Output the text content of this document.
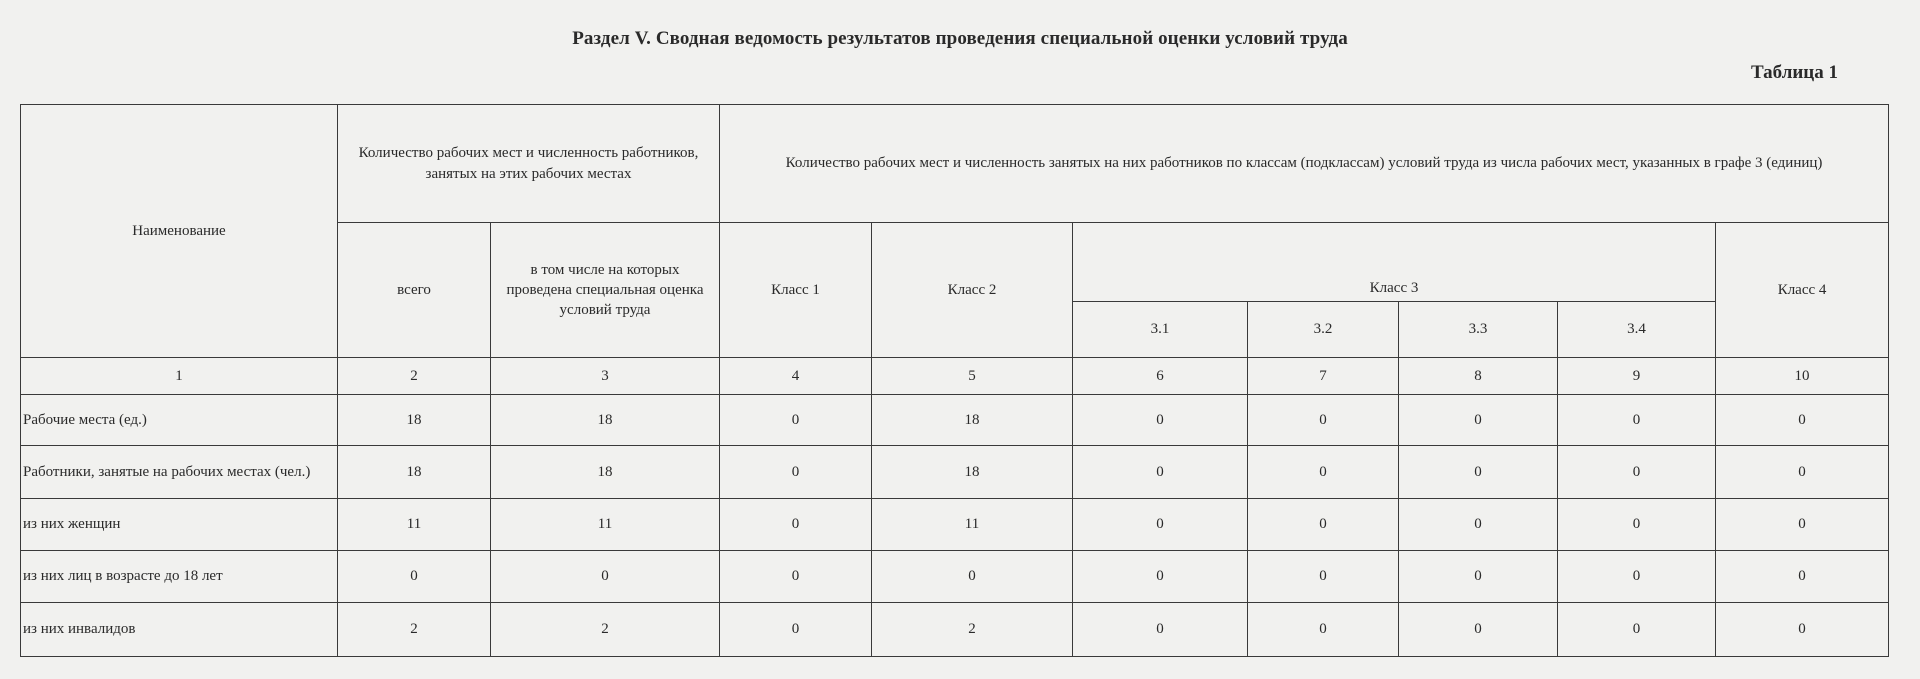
Раздел V. Сводная ведомость результатов проведения специальной оценки условий труда
Таблица 1
Наименование	Количество рабочих мест и численность работников, занятых на этих рабочих местах		Количество рабочих мест и численность занятых на них работников по классам (подклассам) условий труда из числа рабочих мест, указанных в графе 3 (единиц)						
	всего	в том числе на которых проведена специальная оценка условий труда	Класс 1	Класс 2	Класс 3				Класс 4
					3.1	3.2	3.3	3.4	
1	2	3	4	5	6	7	8	9	10
Рабочие места (ед.)	18	18	0	18	0	0	0	0	0
Работники, занятые на рабочих местах (чел.)	18	18	0	18	0	0	0	0	0
из них женщин	11	11	0	11	0	0	0	0	0
из них лиц в возрасте до 18 лет	0	0	0	0	0	0	0	0	0
из них инвалидов	2	2	0	2	0	0	0	0	0
